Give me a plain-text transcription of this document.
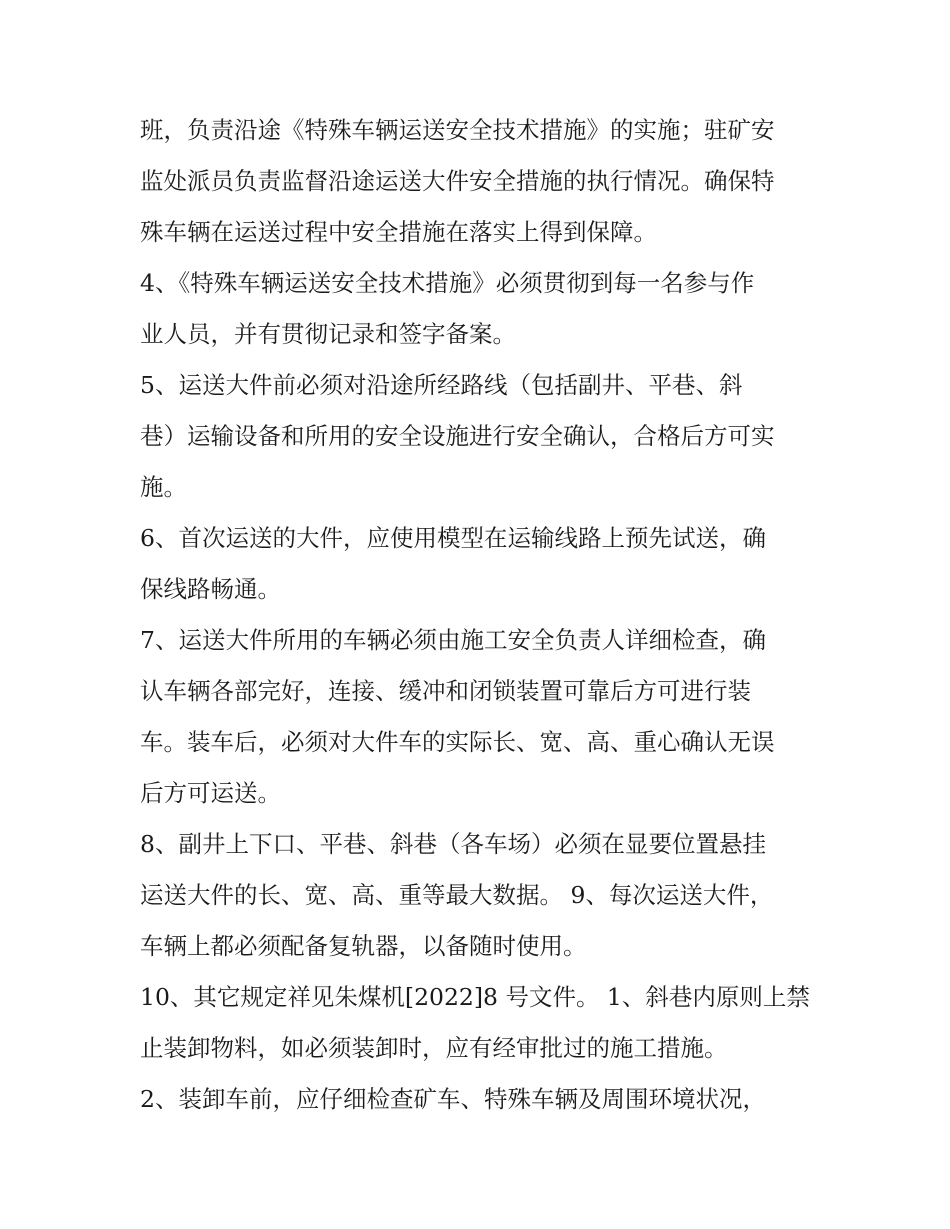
班，负责沿途《特殊车辆运送安全技术措施》的实施；驻矿安
监处派员负责监督沿途运送大件安全措施的执行情况。确保特
殊车辆在运送过程中安全措施在落实上得到保障。
4、《特殊车辆运送安全技术措施》必须贯彻到每一名参与作
业人员，并有贯彻记录和签字备案。
5、运送大件前必须对沿途所经路线（包括副井、平巷、斜
巷）运输设备和所用的安全设施进行安全确认，合格后方可实
施。
6、首次运送的大件，应使用模型在运输线路上预先试送，确
保线路畅通。
7、运送大件所用的车辆必须由施工安全负责人详细检查，确
认车辆各部完好，连接、缓冲和闭锁装置可靠后方可进行装
车。装车后，必须对大件车的实际长、宽、高、重心确认无误
后方可运送。
8、副井上下口、平巷、斜巷（各车场）必须在显要位置悬挂
运送大件的长、宽、高、重等最大数据。 9、每次运送大件，
车辆上都必须配备复轨器，以备随时使用。
10、其它规定祥见朱煤机[2022]8 号文件。 1、斜巷内原则上禁
止装卸物料，如必须装卸时，应有经审批过的施工措施。
2、装卸车前，应仔细检查矿车、特殊车辆及周围环境状况，
